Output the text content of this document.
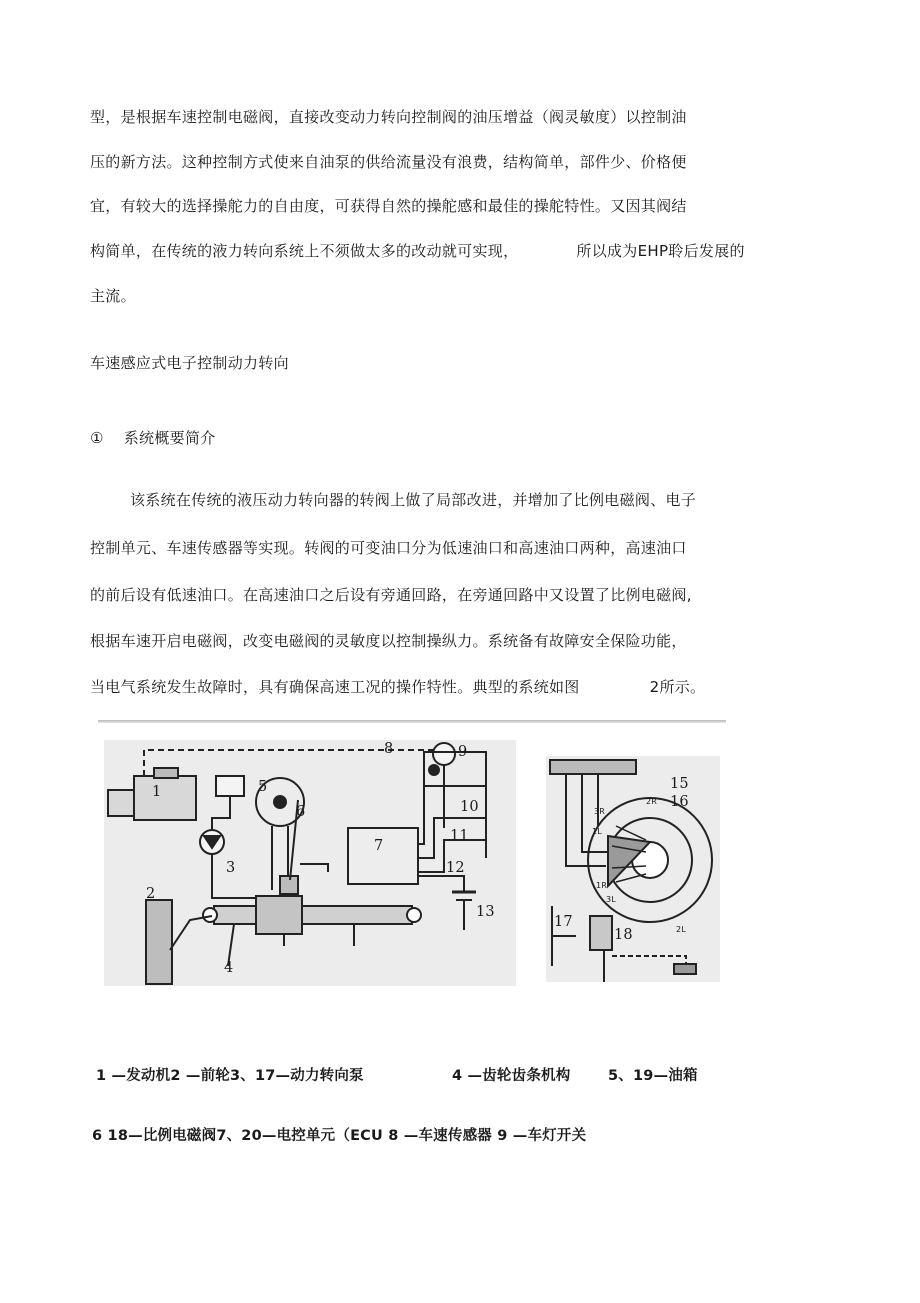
型，是根据车速控制电磁阀，直接改变动力转向控制阀的油压增益（阀灵敏度）以控制油
压的新方法。这种控制方式使来自油泵的供给流量没有浪费，结构简单，部件少、价格便
宜，有较大的选择操舵力的自由度，可获得自然的操舵感和最佳的操舵特性。又因其阀结
构简单，在传统的液力转向系统上不须做太多的改动就可实现，	所以成为EHP聆后发展的
主流。
车速感应式电子控制动力转向
① 系统概要简介
该系统在传统的液压动力转向器的转阀上做了局部改进，并增加了比例电磁阀、电子
控制单元、车速传感器等实现。转阀的可变油口分为低速油口和高速油口两种，高速油口
的前后设有低速油口。在高速油口之后设有旁通回路，在旁通回路中又设置了比例电磁阀,
根据车速开启电磁阀，改变电磁阀的灵敏度以控制操纵力。系统备有故障安全保险功能，
当电气系统发生故障时，具有确保高速工况的操作特性。典型的系统如图	2所示。
1
2
3
4
5
6
7
8	9
10
11
12
13
15
16
17
18
3R
2R
1L
1R
3L
2L
1 —发动机2 —前轮3、17—动力转向泵	4 —齿轮齿条机构	5、19—油箱
6 18—比例电磁阀7、20—电控单元（ECU 8 —车速传感器 9 —车灯开关
